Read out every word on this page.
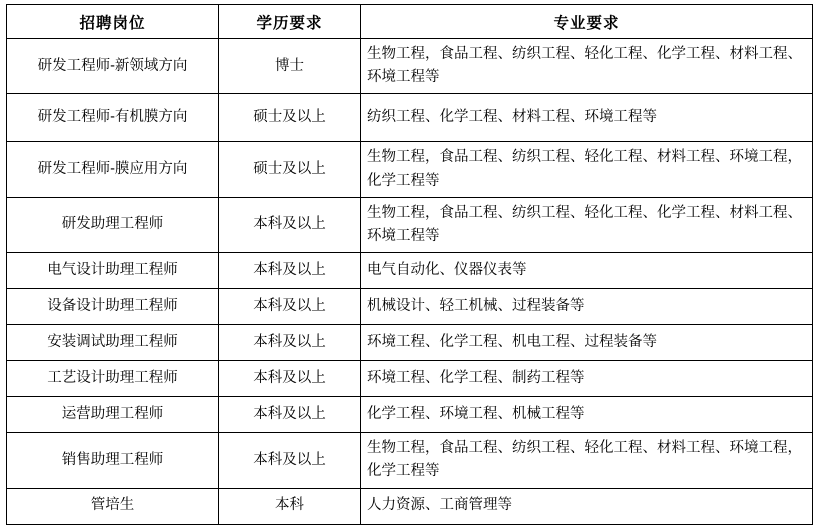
招聘岗位	学历要求	专业要求
研发工程师-新领域方向	博士	生物工程，食品工程、纺织工程、轻化工程、化学工程、材料工程、环境工程等
研发工程师-有机膜方向	硕士及以上	纺织工程、化学工程、材料工程、环境工程等
研发工程师-膜应用方向	硕士及以上	生物工程，食品工程、纺织工程、轻化工程、材料工程、环境工程，化学工程等
研发助理工程师	本科及以上	生物工程，食品工程、纺织工程、轻化工程、化学工程、材料工程、环境工程等
电气设计助理工程师	本科及以上	电气自动化、仪器仪表等
设备设计助理工程师	本科及以上	机械设计、轻工机械、过程装备等
安装调试助理工程师	本科及以上	环境工程、化学工程、机电工程、过程装备等
工艺设计助理工程师	本科及以上	环境工程、化学工程、制药工程等
运营助理工程师	本科及以上	化学工程、环境工程、机械工程等
销售助理工程师	本科及以上	生物工程，食品工程、纺织工程、轻化工程、材料工程、环境工程，化学工程等
管培生	本科	人力资源、工商管理等
